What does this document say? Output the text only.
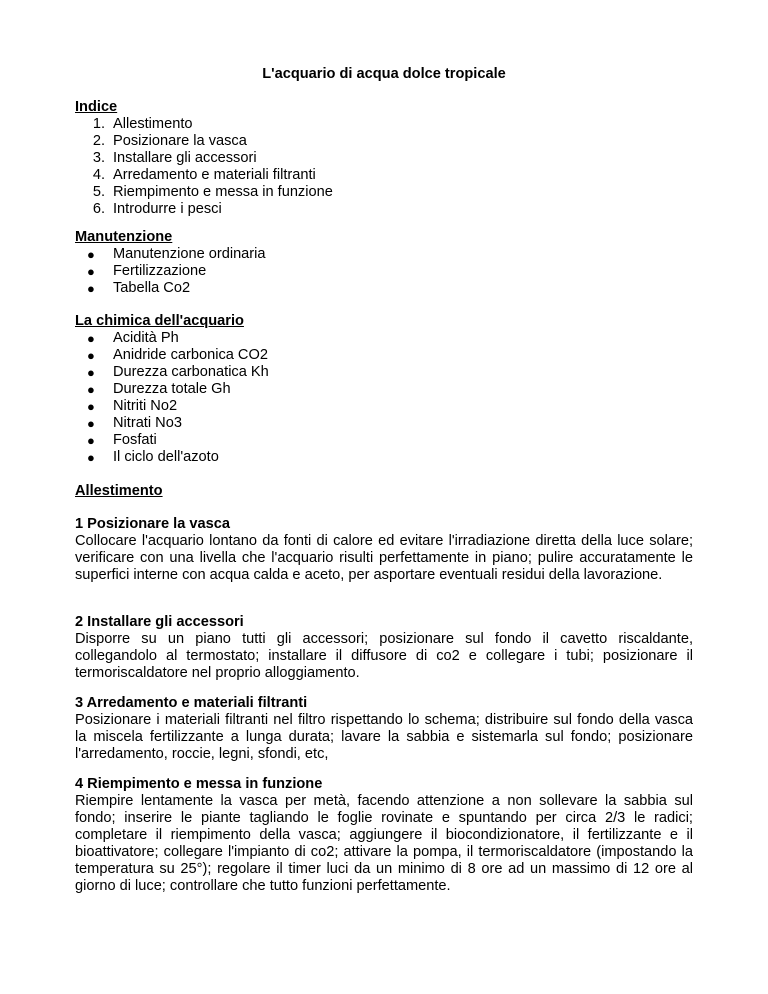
L'acquario di acqua dolce tropicale

Indice

1. Allestimento
2. Posizionare la vasca
3. Installare gli accessori
4. Arredamento e materiali filtranti
5. Riempimento e messa in funzione
6. Introdurre i pesci

Manutenzione

●	Manutenzione ordinaria
●	Fertilizzazione
●	Tabella Co2

La chimica dell'acquario

●	Acidità Ph
●	Anidride carbonica CO2
●	Durezza carbonatica Kh
●	Durezza totale Gh
●	Nitriti No2
●	Nitrati No3
●	Fosfati
●	Il ciclo dell'azoto

Allestimento

1 Posizionare la vasca

Collocare l'acquario lontano da fonti di calore ed evitare l'irradiazione diretta della luce solare; verificare con una livella che l'acquario risulti perfettamente in piano; pulire accuratamente le superfici interne con acqua calda e aceto, per asportare eventuali residui della lavorazione.

2 Installare gli accessori

Disporre su un piano tutti gli accessori; posizionare sul fondo il cavetto riscaldante, collegandolo al termostato; installare il diffusore di co2 e collegare i tubi; posizionare il termoriscaldatore nel proprio alloggiamento.

3 Arredamento e materiali filtranti

Posizionare i materiali filtranti nel filtro rispettando lo schema; distribuire sul fondo della vasca la miscela fertilizzante a lunga durata; lavare la sabbia e sistemarla sul fondo; posizionare l'arredamento, roccie, legni, sfondi, etc,

4 Riempimento e messa in funzione

Riempire lentamente la vasca per metà, facendo attenzione a non sollevare la sabbia sul fondo; inserire le piante tagliando le foglie rovinate e spuntando per circa 2/3 le radici; completare il riempimento della vasca; aggiungere il biocondizionatore, il fertilizzante e il bioattivatore; collegare l'impianto di co2; attivare la pompa, il termoriscaldatore (impostando la temperatura su 25°); regolare il timer luci da un minimo di 8 ore ad un massimo di 12 ore al giorno di luce; controllare che tutto funzioni perfettamente.
